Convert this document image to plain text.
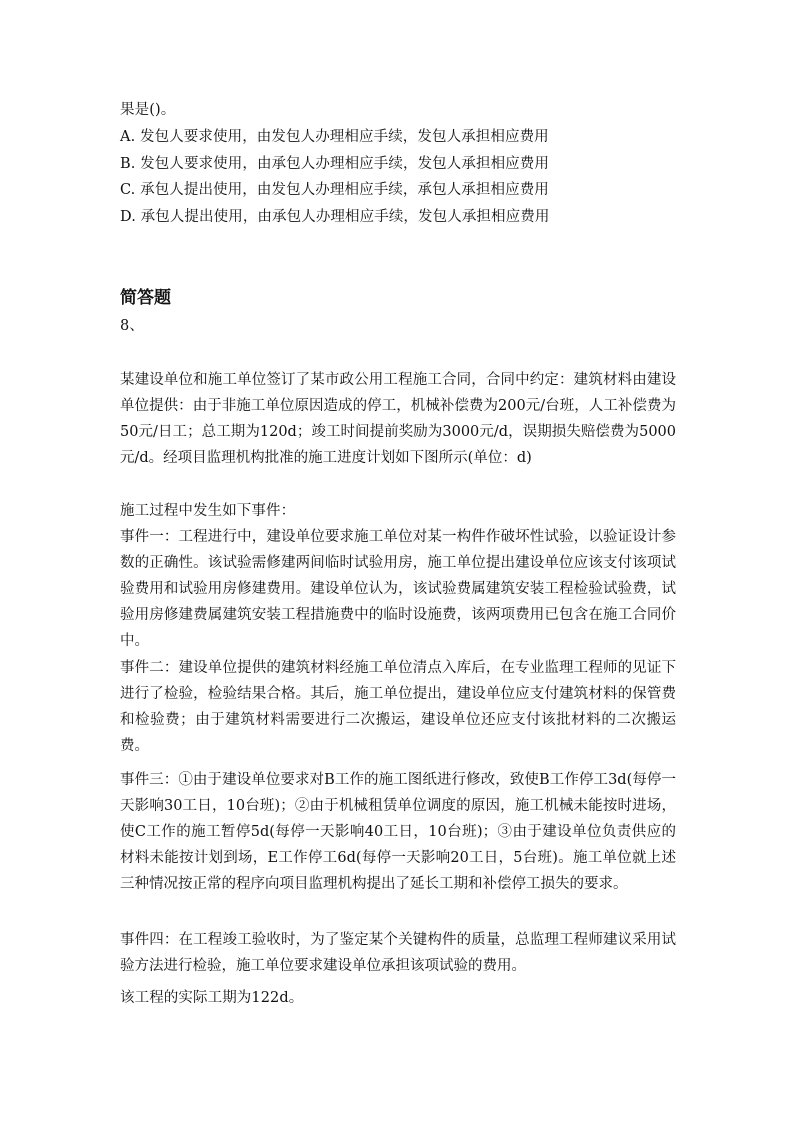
果是()。
A. 发包人要求使用，由发包人办理相应手续，发包人承担相应费用
B. 发包人要求使用，由承包人办理相应手续，发包人承担相应费用
C. 承包人提出使用，由发包人办理相应手续，承包人承担相应费用
D. 承包人提出使用，由承包人办理相应手续，发包人承担相应费用
简答题
8、
某建设单位和施工单位签订了某市政公用工程施工合同，合同中约定：建筑材料由建设单位提供：由于非施工单位原因造成的停工，机械补偿费为200元/台班，人工补偿费为50元/日工；总工期为120d；竣工时间提前奖励为3000元/d，误期损失赔偿费为5000元/d。经项目监理机构批准的施工进度计划如下图所示(单位：d)
施工过程中发生如下事件：
事件一：工程进行中，建设单位要求施工单位对某一构件作破坏性试验，以验证设计参数的正确性。该试验需修建两间临时试验用房，施工单位提出建设单位应该支付该项试验费用和试验用房修建费用。建设单位认为，该试验费属建筑安装工程检验试验费，试验用房修建费属建筑安装工程措施费中的临时设施费，该两项费用已包含在施工合同价中。
事件二：建设单位提供的建筑材料经施工单位清点入库后，在专业监理工程师的见证下进行了检验，检验结果合格。其后，施工单位提出，建设单位应支付建筑材料的保管费和检验费；由于建筑材料需要进行二次搬运，建设单位还应支付该批材料的二次搬运费。
事件三：①由于建设单位要求对B工作的施工图纸进行修改，致使B工作停工3d(每停一天影响30工日，10台班)；②由于机械租赁单位调度的原因，施工机械未能按时进场，使C工作的施工暂停5d(每停一天影响40工日，10台班)；③由于建设单位负责供应的材料未能按计划到场，E工作停工6d(每停一天影响20工日，5台班)。施工单位就上述三种情况按正常的程序向项目监理机构提出了延长工期和补偿停工损失的要求。
事件四：在工程竣工验收时，为了鉴定某个关键构件的质量，总监理工程师建议采用试验方法进行检验，施工单位要求建设单位承担该项试验的费用。
该工程的实际工期为122d。
